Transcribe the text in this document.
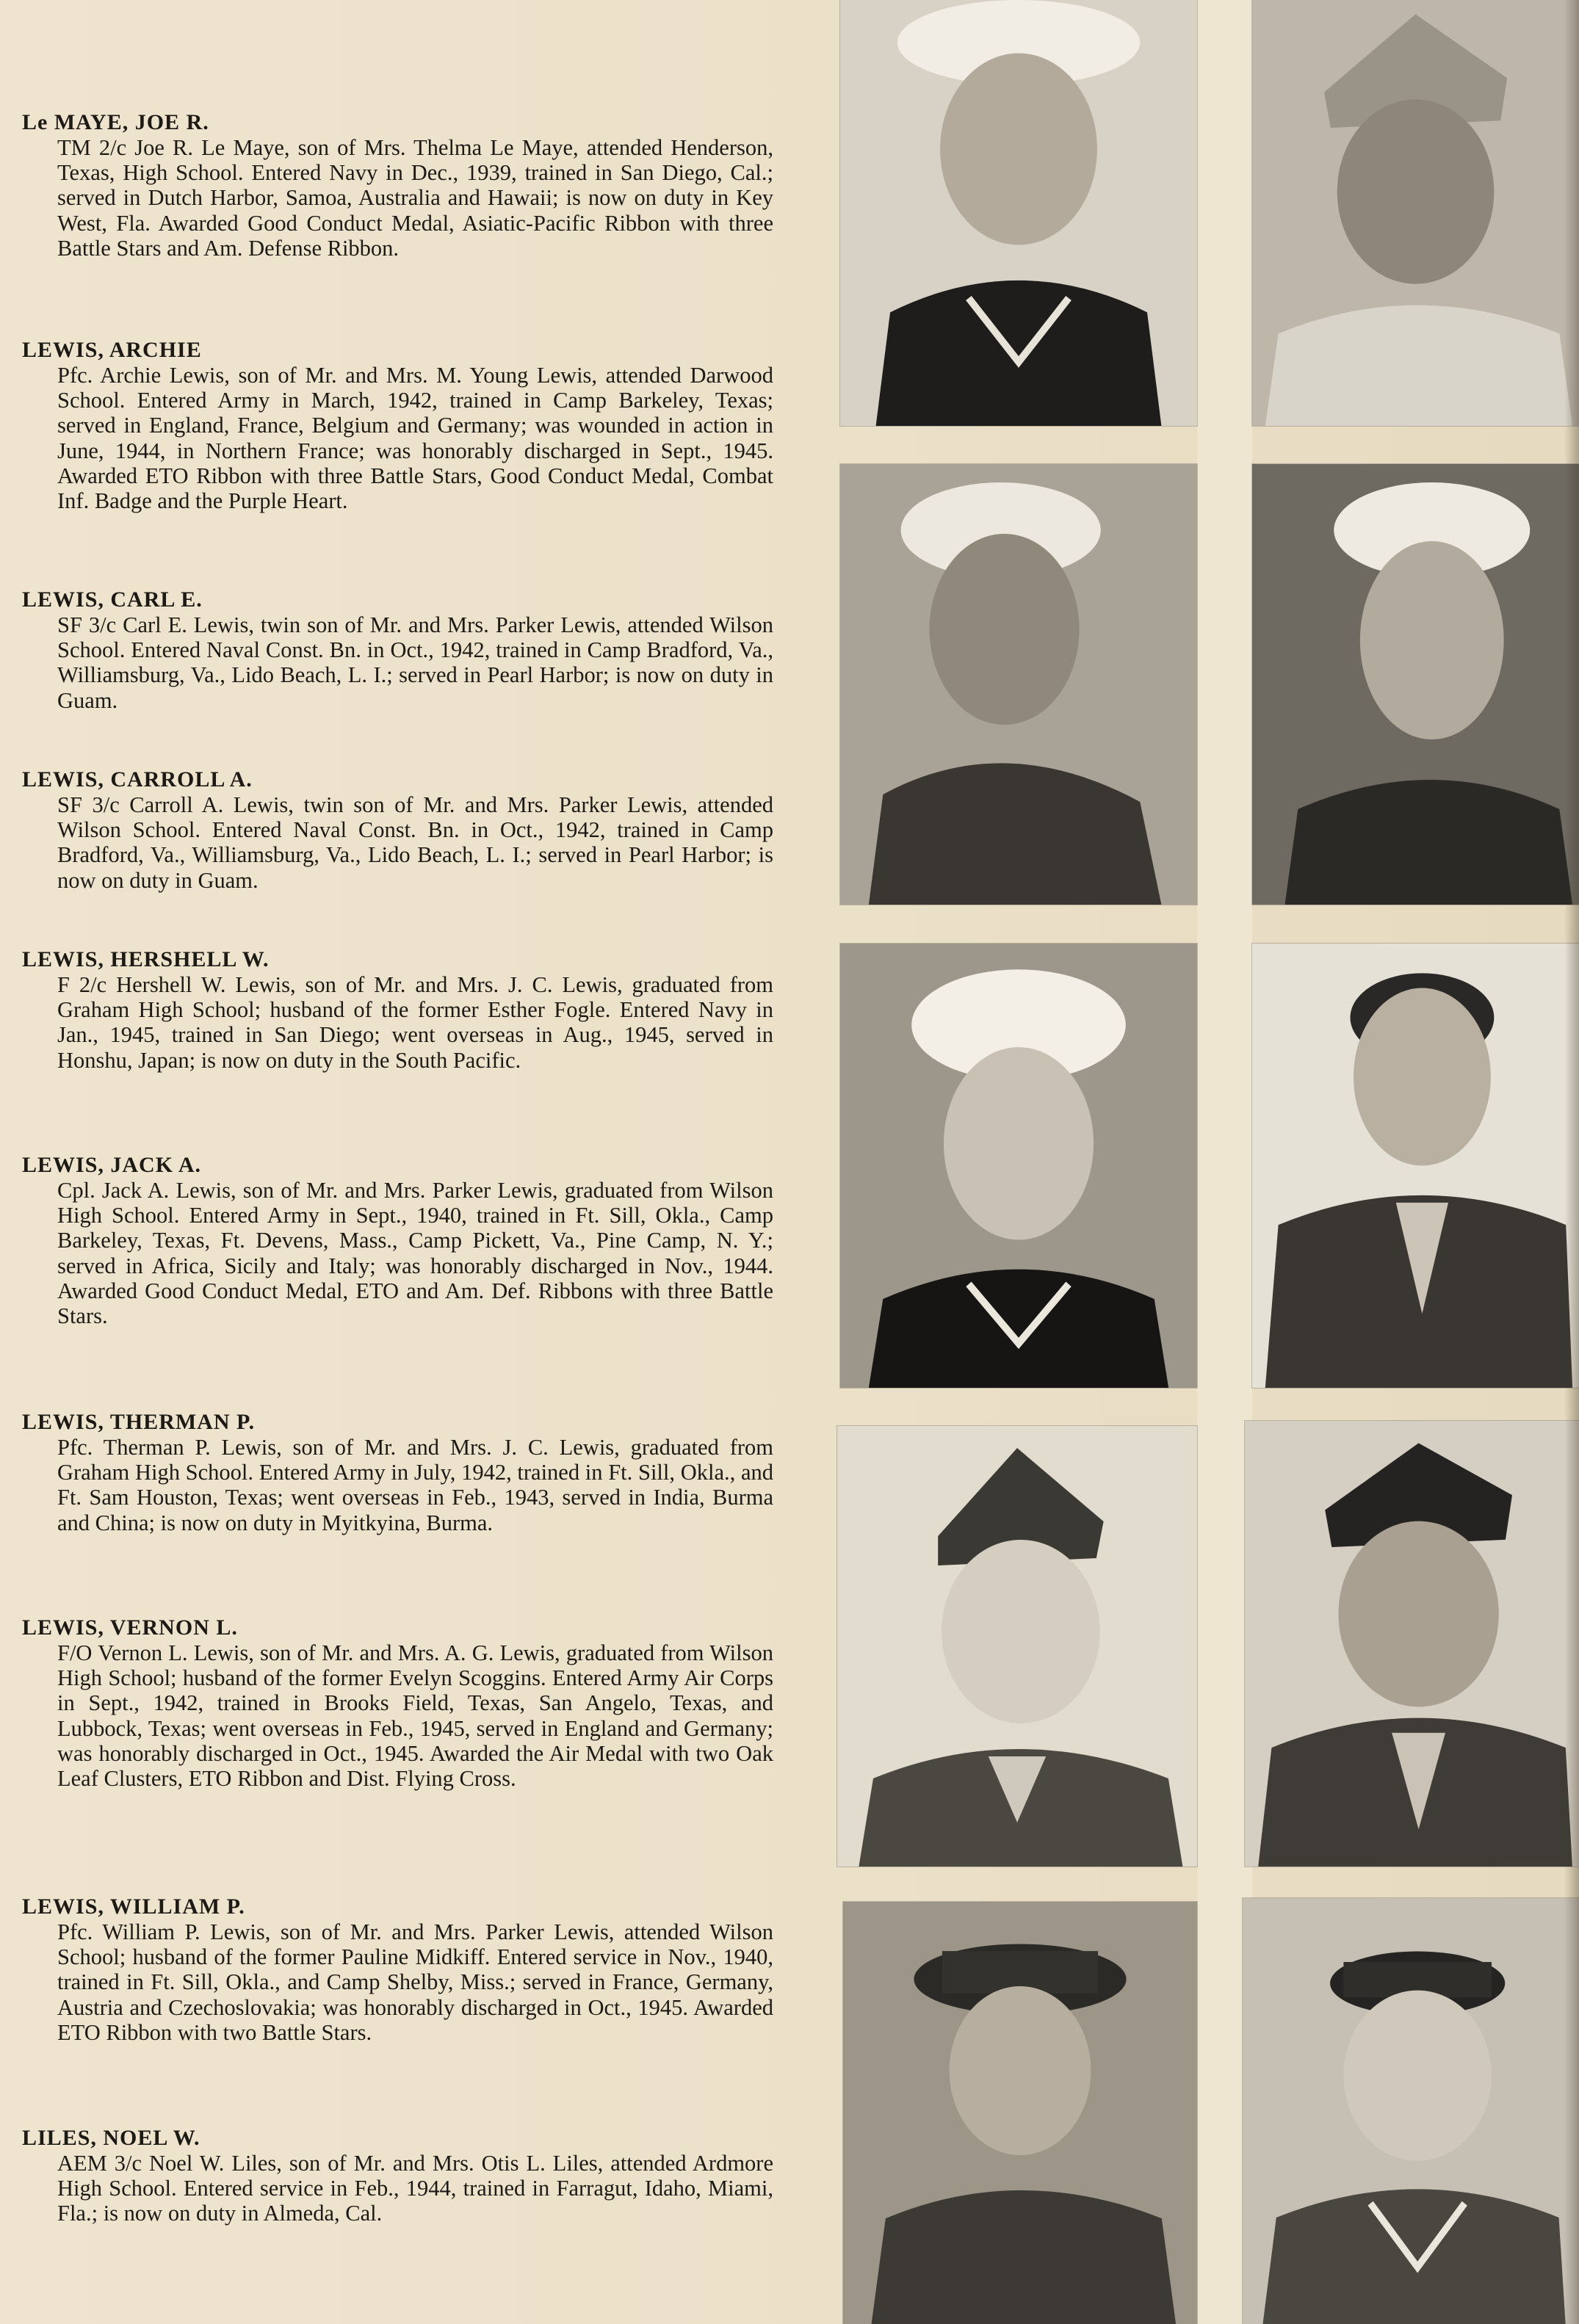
Le MAYE, JOE R.

TM 2/c Joe R. Le Maye, son of Mrs. Thelma Le Maye, attended Henderson, Texas, High School. Entered Navy in Dec., 1939, trained in San Diego, Cal.; served in Dutch Harbor, Samoa, Australia and Hawaii; is now on duty in Key West, Fla. Awarded Good Conduct Medal, Asiatic-Pacific Ribbon with three Battle Stars and Am. Defense Ribbon.

LEWIS, ARCHIE

Pfc. Archie Lewis, son of Mr. and Mrs. M. Young Lewis, attended Darwood School. Entered Army in March, 1942, trained in Camp Barkeley, Texas; served in England, France, Belgium and Germany; was wounded in action in June, 1944, in Northern France; was honorably discharged in Sept., 1945. Awarded ETO Ribbon with three Battle Stars, Good Conduct Medal, Combat Inf. Badge and the Purple Heart.

LEWIS, CARL E.

SF 3/c Carl E. Lewis, twin son of Mr. and Mrs. Parker Lewis, attended Wilson School. Entered Naval Const. Bn. in Oct., 1942, trained in Camp Bradford, Va., Williamsburg, Va., Lido Beach, L. I.; served in Pearl Harbor; is now on duty in Guam.

LEWIS, CARROLL A.

SF 3/c Carroll A. Lewis, twin son of Mr. and Mrs. Parker Lewis, attended Wilson School. Entered Naval Const. Bn. in Oct., 1942, trained in Camp Bradford, Va., Williamsburg, Va., Lido Beach, L. I.; served in Pearl Harbor; is now on duty in Guam.

LEWIS, HERSHELL W.

F 2/c Hershell W. Lewis, son of Mr. and Mrs. J. C. Lewis, graduated from Graham High School; husband of the former Esther Fogle. Entered Navy in Jan., 1945, trained in San Diego; went overseas in Aug., 1945, served in Honshu, Japan; is now on duty in the South Pacific.

LEWIS, JACK A.

Cpl. Jack A. Lewis, son of Mr. and Mrs. Parker Lewis, graduated from Wilson High School. Entered Army in Sept., 1940, trained in Ft. Sill, Okla., Camp Barkeley, Texas, Ft. Devens, Mass., Camp Pickett, Va., Pine Camp, N. Y.; served in Africa, Sicily and Italy; was honorably discharged in Nov., 1944. Awarded Good Conduct Medal, ETO and Am. Def. Ribbons with three Battle Stars.

LEWIS, THERMAN P.

Pfc. Therman P. Lewis, son of Mr. and Mrs. J. C. Lewis, graduated from Graham High School. Entered Army in July, 1942, trained in Ft. Sill, Okla., and Ft. Sam Houston, Texas; went overseas in Feb., 1943, served in India, Burma and China; is now on duty in Myitkyina, Burma.

LEWIS, VERNON L.

F/O Vernon L. Lewis, son of Mr. and Mrs. A. G. Lewis, graduated from Wilson High School; husband of the former Evelyn Scoggins. Entered Army Air Corps in Sept., 1942, trained in Brooks Field, Texas, San Angelo, Texas, and Lubbock, Texas; went overseas in Feb., 1945, served in England and Germany; was honorably discharged in Oct., 1945. Awarded the Air Medal with two Oak Leaf Clusters, ETO Ribbon and Dist. Flying Cross.

LEWIS, WILLIAM P.

Pfc. William P. Lewis, son of Mr. and Mrs. Parker Lewis, attended Wilson School; husband of the former Pauline Midkiff. Entered service in Nov., 1940, trained in Ft. Sill, Okla., and Camp Shelby, Miss.; served in France, Germany, Austria and Czechoslovakia; was honorably discharged in Oct., 1945. Awarded ETO Ribbon with two Battle Stars.

LILES, NOEL W.

AEM 3/c Noel W. Liles, son of Mr. and Mrs. Otis L. Liles, attended Ardmore High School. Entered service in Feb., 1944, trained in Farragut, Idaho, Miami, Fla.; is now on duty in Almeda, Cal.
